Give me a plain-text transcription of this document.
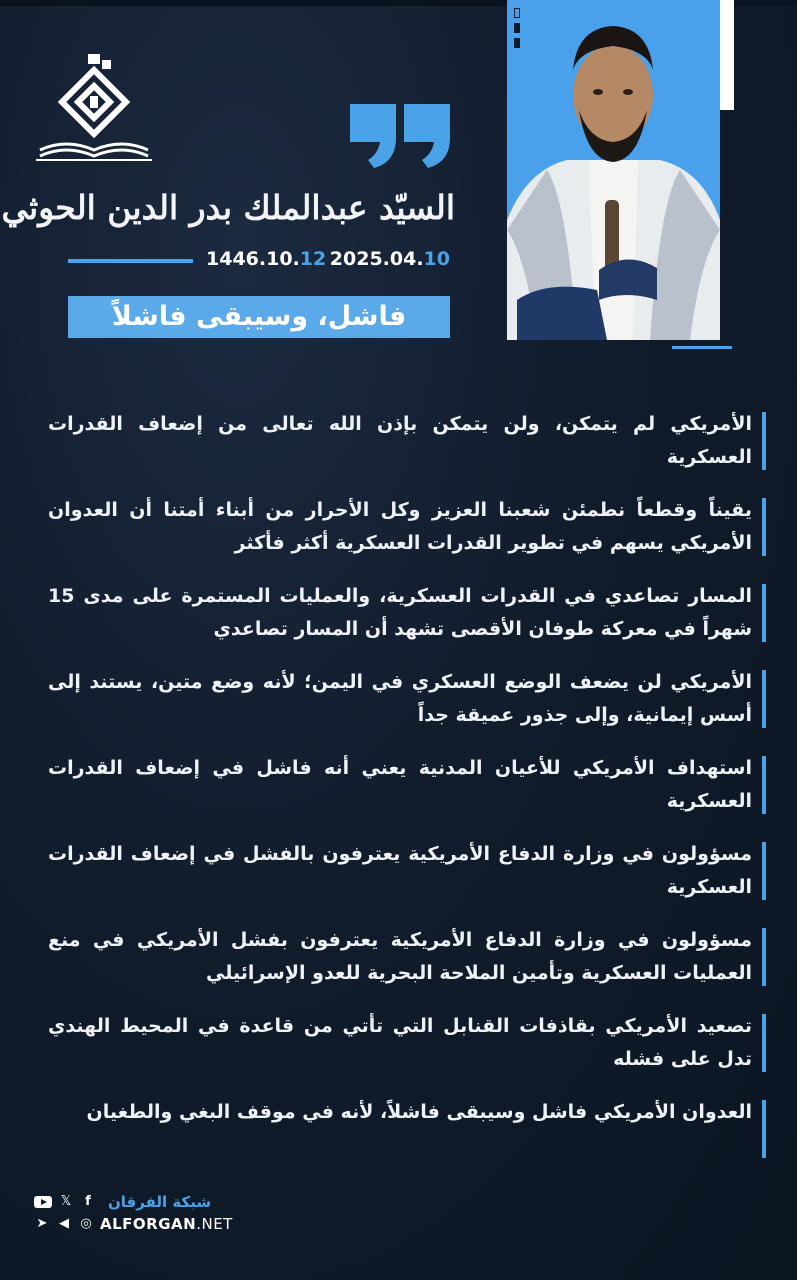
السيّد عبدالملك بدر الدين الحوثي
1446.10.12 2025.04.10
فاشل، وسيبقى فاشلاً
الأمريكي لم يتمكن، ولن يتمكن بإذن الله تعالى من إضعاف القدرات العسكرية
يقيناً وقطعاً نطمئن شعبنا العزيز وكل الأحرار من أبناء أمتنا أن العدوان الأمريكي يسهم في تطوير القدرات العسكرية أكثر فأكثر
المسار تصاعدي في القدرات العسكرية، والعمليات المستمرة على مدى 15 شهراً في معركة طوفان الأقصى تشهد أن المسار تصاعدي
الأمريكي لن يضعف الوضع العسكري في اليمن؛ لأنه وضع متين، يستند إلى أسس إيمانية، وإلى جذور عميقة جداً
استهداف الأمريكي للأعيان المدنية يعني أنه فاشل في إضعاف القدرات العسكرية
مسؤولون في وزارة الدفاع الأمريكية يعترفون بالفشل في إضعاف القدرات العسكرية
مسؤولون في وزارة الدفاع الأمريكية يعترفون بفشل الأمريكي في منع العمليات العسكرية وتأمين الملاحة البحرية للعدو الإسرائيلي
تصعيد الأمريكي بقاذفات القنابل التي تأتي من قاعدة في المحيط الهندي تدل على فشله
العدوان الأمريكي فاشل وسيبقى فاشلاً، لأنه في موقف البغي والطغيان
𝕏	f	شبكة الفرقان
➤ ◀ ◎ ALFORGAN.NET
